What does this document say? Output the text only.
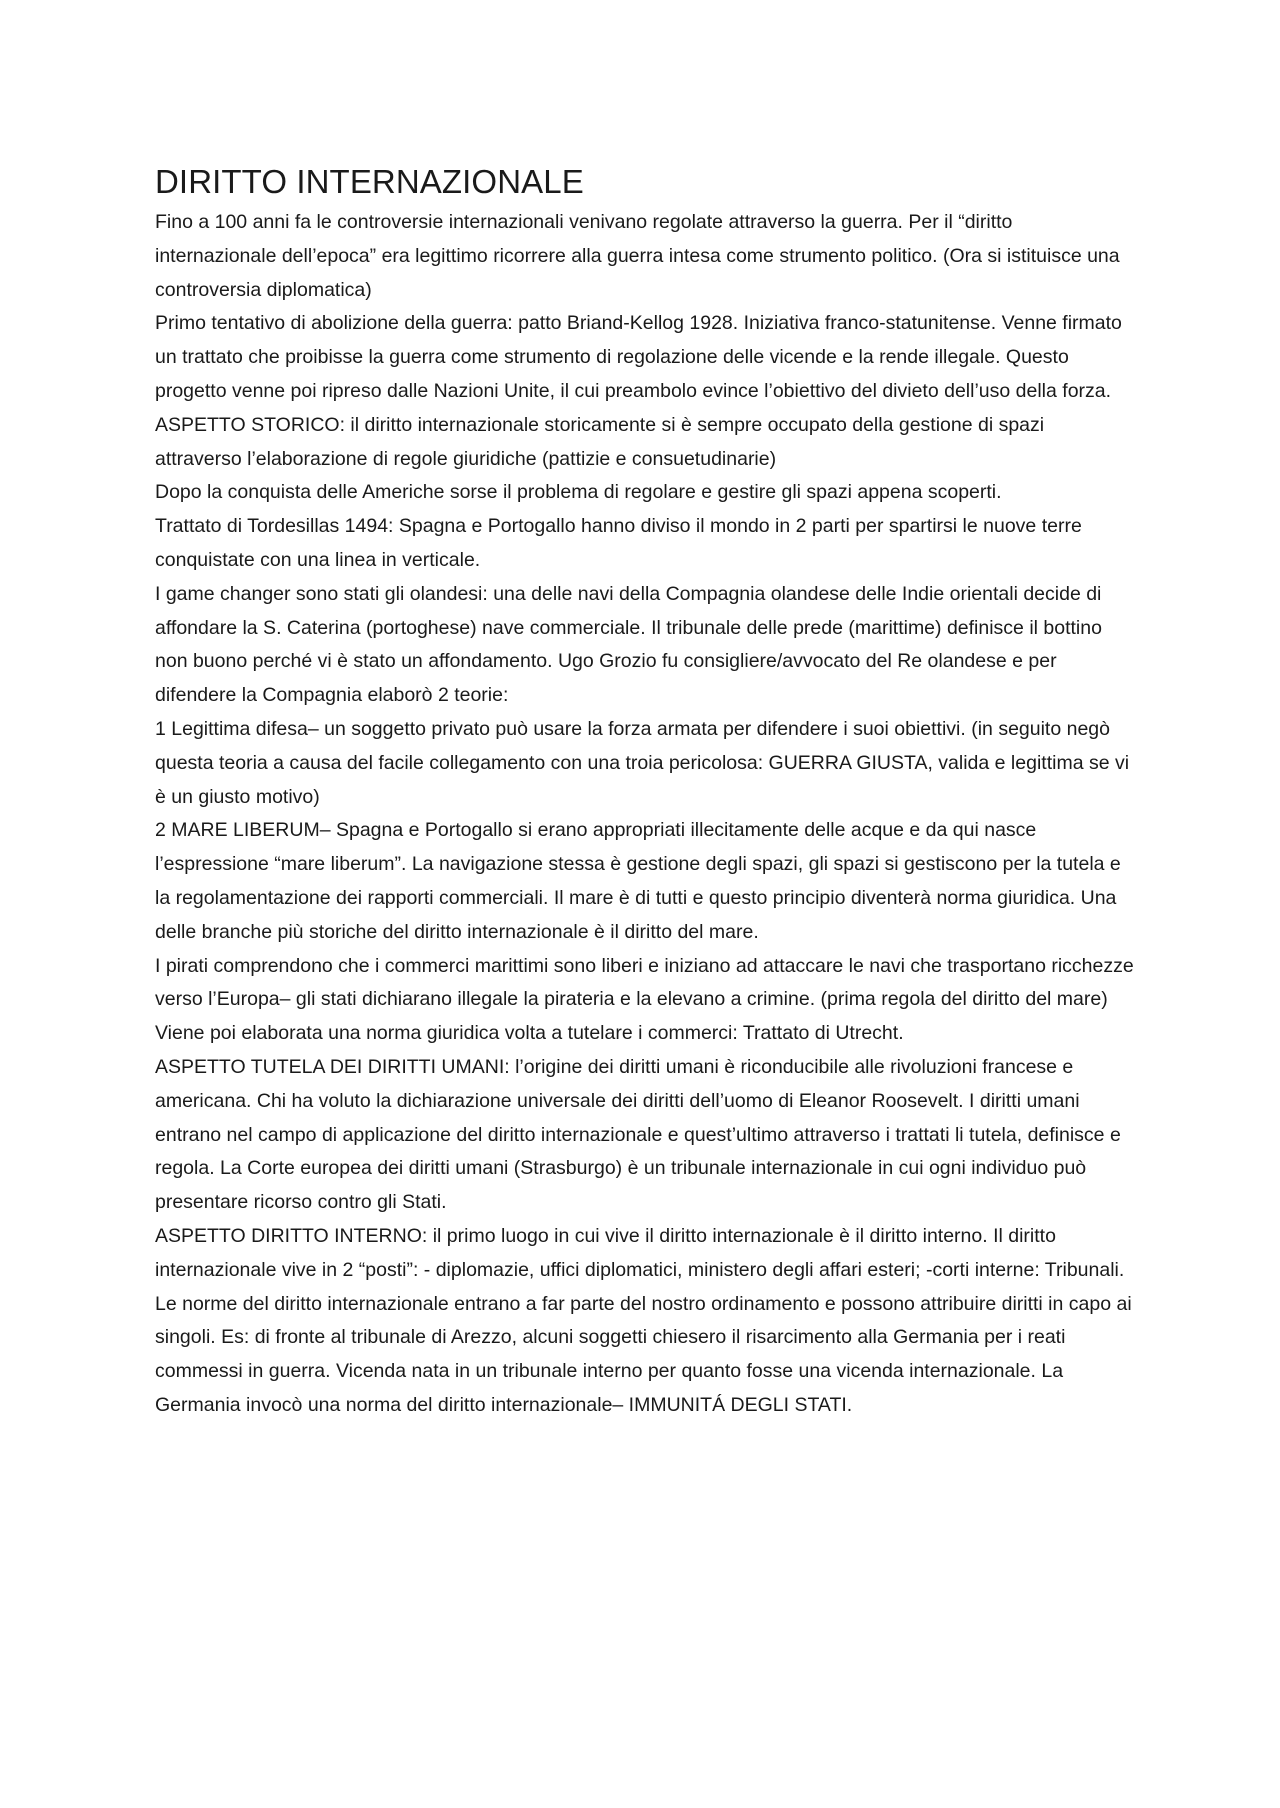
DIRITTO INTERNAZIONALE

Fino a 100 anni fa le controversie internazionali venivano regolate attraverso la guerra. Per il “diritto internazionale dell’epoca” era legittimo ricorrere alla guerra intesa come strumento politico. (Ora si istituisce una controversia diplomatica)

Primo tentativo di abolizione della guerra: patto Briand-Kellog 1928. Iniziativa franco-statunitense. Venne firmato un trattato che proibisse la guerra come strumento di regolazione delle vicende e la rende illegale. Questo progetto venne poi ripreso dalle Nazioni Unite, il cui preambolo evince l’obiettivo del divieto dell’uso della forza.

ASPETTO STORICO: il diritto internazionale storicamente si è sempre occupato della gestione di spazi attraverso l’elaborazione di regole giuridiche (pattizie e consuetudinarie)

Dopo la conquista delle Americhe sorse il problema di regolare e gestire gli spazi appena scoperti.

Trattato di Tordesillas 1494: Spagna e Portogallo hanno diviso il mondo in 2 parti per spartirsi le nuove terre conquistate con una linea in verticale.

I game changer sono stati gli olandesi: una delle navi della Compagnia olandese delle Indie orientali decide di affondare la S. Caterina (portoghese) nave commerciale. Il tribunale delle prede (marittime) definisce il bottino non buono perché vi è stato un affondamento. Ugo Grozio fu consigliere/avvocato del Re olandese e per difendere la Compagnia elaborò 2 teorie:

1 Legittima difesa– un soggetto privato può usare la forza armata per difendere i suoi obiettivi. (in seguito negò questa teoria a causa del facile collegamento con una troia pericolosa: GUERRA GIUSTA, valida e legittima se vi è un giusto motivo)

2 MARE LIBERUM– Spagna e Portogallo si erano appropriati illecitamente delle acque e da qui nasce l’espressione “mare liberum”. La navigazione stessa è gestione degli spazi, gli spazi si gestiscono per la tutela e la regolamentazione dei rapporti commerciali. Il mare è di tutti e questo principio diventerà norma giuridica. Una delle branche più storiche del diritto internazionale è il diritto del mare.

I pirati comprendono che i commerci marittimi sono liberi e iniziano ad attaccare le navi che trasportano ricchezze verso l’Europa– gli stati dichiarano illegale la pirateria e la elevano a crimine. (prima regola del diritto del mare) Viene poi elaborata una norma giuridica volta a tutelare i commerci: Trattato di Utrecht.

ASPETTO TUTELA DEI DIRITTI UMANI: l’origine dei diritti umani è riconducibile alle rivoluzioni francese e americana. Chi ha voluto la dichiarazione universale dei diritti dell’uomo di Eleanor Roosevelt. I diritti umani entrano nel campo di applicazione del diritto internazionale e quest’ultimo attraverso i trattati li tutela, definisce e regola. La Corte europea dei diritti umani (Strasburgo) è un tribunale internazionale in cui ogni individuo può presentare ricorso contro gli Stati.

ASPETTO DIRITTO INTERNO: il primo luogo in cui vive il diritto internazionale è il diritto interno. Il diritto internazionale vive in 2 “posti”: - diplomazie, uffici diplomatici, ministero degli affari esteri; -corti interne: Tribunali.

Le norme del diritto internazionale entrano a far parte del nostro ordinamento e possono attribuire diritti in capo ai singoli. Es: di fronte al tribunale di Arezzo, alcuni soggetti chiesero il risarcimento alla Germania per i reati commessi in guerra. Vicenda nata in un tribunale interno per quanto fosse una vicenda internazionale. La Germania invocò una norma del diritto internazionale– IMMUNITÁ DEGLI STATI.
